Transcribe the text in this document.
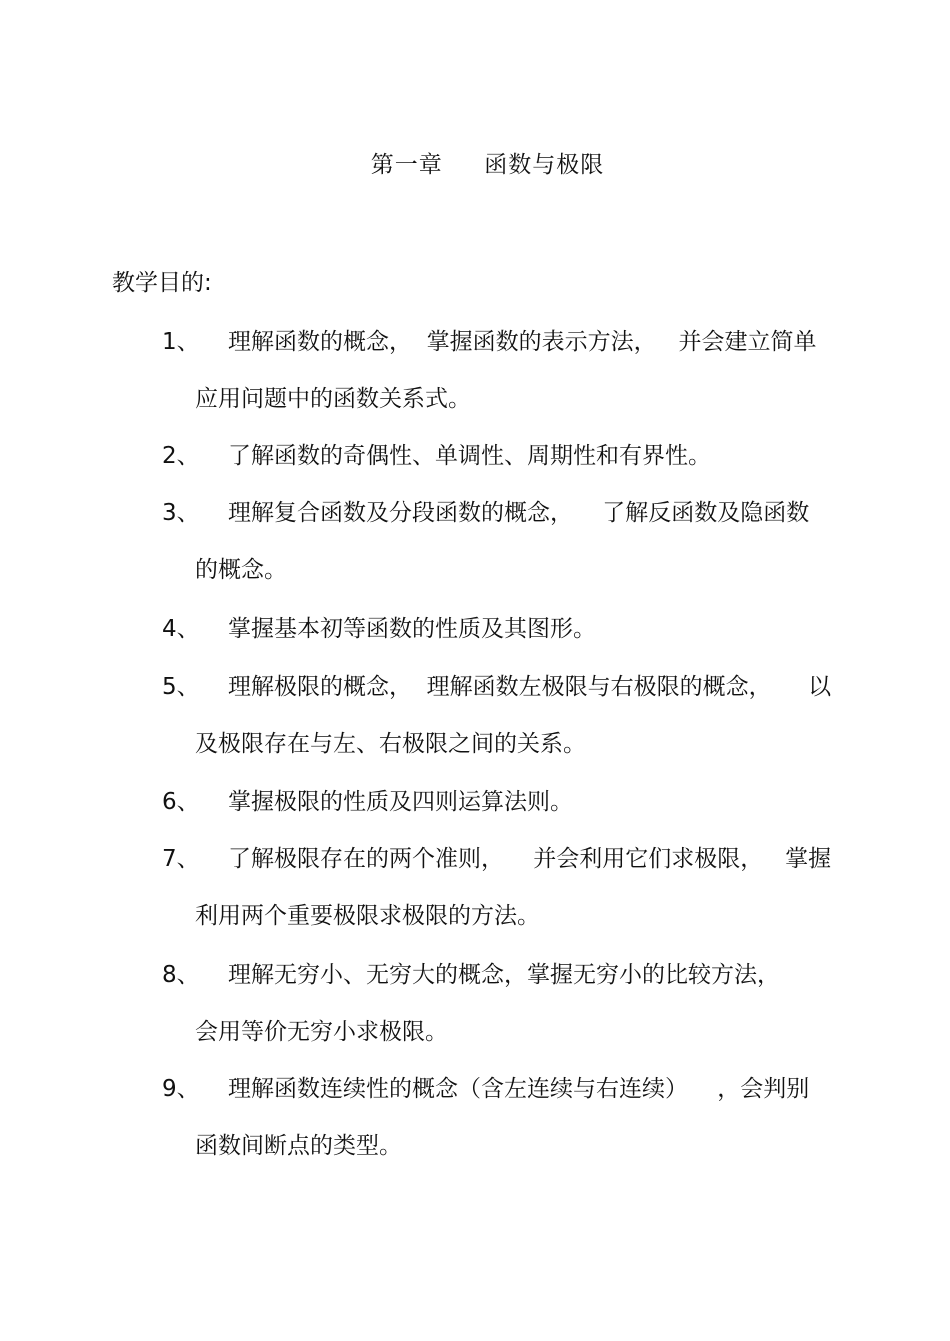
第一章     函数与极限
教学目的:
1、	理解函数的概念，  掌握函数的表示方法，   并会建立简单
应用问题中的函数关系式。
2、	了解函数的奇偶性、单调性、周期性和有界性。
3、	理解复合函数及分段函数的概念，    了解反函数及隐函数
的概念。
4、	掌握基本初等函数的性质及其图形。
5、	理解极限的概念，  理解函数左极限与右极限的概念，     以
及极限存在与左、右极限之间的关系。
6、	掌握极限的性质及四则运算法则。
7、	了解极限存在的两个准则，    并会利用它们求极限，   掌握
利用两个重要极限求极限的方法。
8、	理解无穷小、无穷大的概念，掌握无穷小的比较方法，
会用等价无穷小求极限。
9、	理解函数连续性的概念（含左连续与右连续）    ，会判别
函数间断点的类型。
